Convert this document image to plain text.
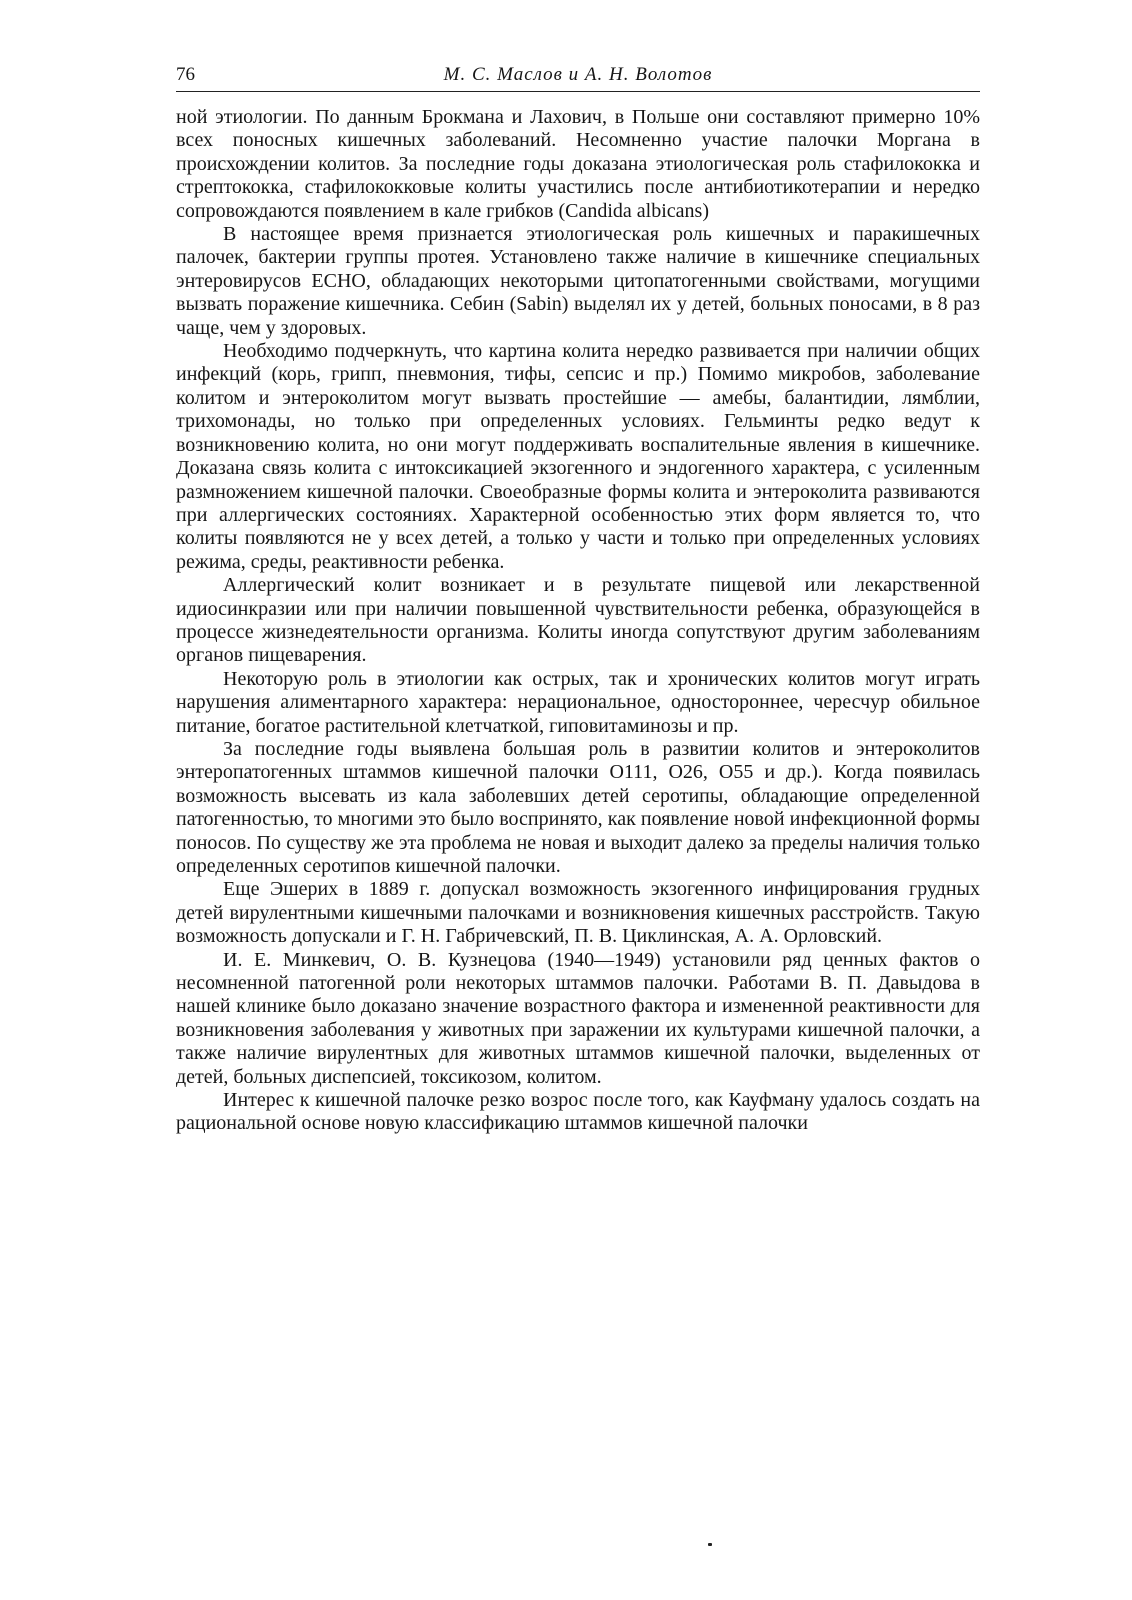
76	М. С. Маслов и А. Н. Волотов

ной этиологии. По данным Брокмана и Лахович, в Польше они составляют примерно 10% всех поносных кишечных заболеваний. Несомненно участие палочки Моргана в происхождении колитов. За последние годы доказана этиологическая роль стафилококка и стрептококка, стафилококковые колиты участились после антибиотикотерапии и нередко сопровождаются появлением в кале грибков (Candida albicans)

В настоящее время признается этиологическая роль кишечных и паракишечных палочек, бактерии группы протея. Установлено также наличие в кишечнике специальных энтеровирусов ЕСНО, обладающих некоторыми цитопатогенными свойствами, могущими вызвать поражение кишечника. Себин (Sabin) выделял их у детей, больных поносами, в 8 раз чаще, чем у здоровых.

Необходимо подчеркнуть, что картина колита нередко развивается при наличии общих инфекций (корь, грипп, пневмония, тифы, сепсис и пр.) Помимо микробов, заболевание колитом и энтероколитом могут вызвать простейшие — амебы, балантидии, лямблии, трихомонады, но только при определенных условиях. Гельминты редко ведут к возникновению колита, но они могут поддерживать воспалительные явления в кишечнике. Доказана связь колита с интоксикацией экзогенного и эндогенного характера, с усиленным размножением кишечной палочки. Своеобразные формы колита и энтероколита развиваются при аллергических состояниях. Характерной особенностью этих форм является то, что колиты появляются не у всех детей, а только у части и только при определенных условиях режима, среды, реактивности ребенка.

Аллергический колит возникает и в результате пищевой или лекарственной идиосинкразии или при наличии повышенной чувствительности ребенка, образующейся в процессе жизнедеятельности организма. Колиты иногда сопутствуют другим заболеваниям органов пищеварения.

Некоторую роль в этиологии как острых, так и хронических колитов могут играть нарушения алиментарного характера: нерациональное, одностороннее, чересчур обильное питание, богатое растительной клетчаткой, гиповитаминозы и пр.

За последние годы выявлена большая роль в развитии колитов и энтероколитов энтеропатогенных штаммов кишечной палочки О111, О26, О55 и др.). Когда появилась возможность высевать из кала заболевших детей серотипы, обладающие определенной патогенностью, то многими это было воспринято, как появление новой инфекционной формы поносов. По существу же эта проблема не новая и выходит далеко за пределы наличия только определенных серотипов кишечной палочки.

Еще Эшерих в 1889 г. допускал возможность экзогенного инфицирования грудных детей вирулентными кишечными палочками и возникновения кишечных расстройств. Такую возможность допускали и Г. Н. Габричевский, П. В. Циклинская, А. А. Орловский.

И. Е. Минкевич, О. В. Кузнецова (1940—1949) установили ряд ценных фактов о несомненной патогенной роли некоторых штаммов палочки. Работами В. П. Давыдова в нашей клинике было доказано значение возрастного фактора и измененной реактивности для возникновения заболевания у животных при заражении их культурами кишечной палочки, а также наличие вирулентных для животных штаммов кишечной палочки, выделенных от детей, больных диспепсией, токсикозом, колитом.

Интерес к кишечной палочке резко возрос после того, как Кауфману удалось создать на рациональной основе новую классификацию штаммов кишечной палочки
